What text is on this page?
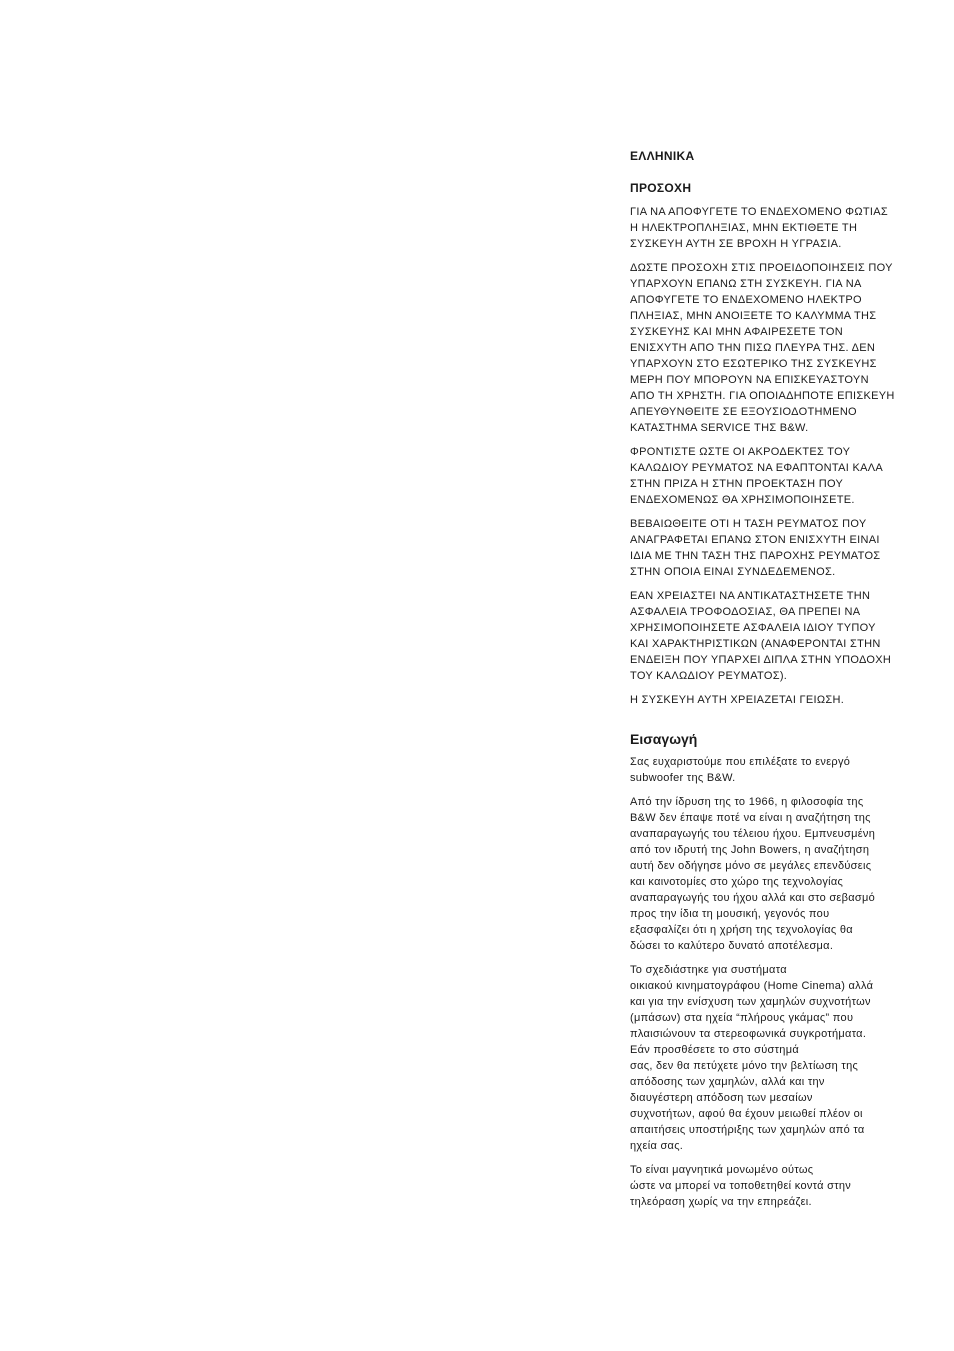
ΕΛΛΗΝΙΚΑ
ΠΡΟΣΟΧΗ

ΓΙΑ ΝΑ ΑΠΟΦΥΓΕΤΕ ΤΟ ΕΝΔΕΧΟΜΕΝΟ ΦΩΤΙΑΣ
Η ΗΛΕΚΤΡΟΠΛΗΞΙΑΣ, ΜΗΝ ΕΚΤΙΘΕΤΕ ΤΗ
ΣΥΣΚΕΥΗ ΑΥΤΗ ΣΕ ΒΡΟΧΗ Η ΥΓΡΑΣΙΑ.

ΔΩΣΤΕ ΠΡΟΣΟΧΗ ΣΤΙΣ ΠΡΟΕΙΔΟΠΟΙΗΣΕΙΣ ΠΟΥ
ΥΠΑΡΧΟΥΝ ΕΠΑΝΩ ΣΤΗ ΣΥΣΚΕΥΗ. ΓΙΑ ΝΑ
ΑΠΟΦΥΓΕΤΕ ΤΟ ΕΝΔΕΧΟΜΕΝΟ ΗΛΕΚΤΡΟ
ΠΛΗΞΙΑΣ, ΜΗΝ ΑΝΟΙΞΕΤΕ ΤΟ ΚΑΛΥΜΜΑ ΤΗΣ
ΣΥΣΚΕΥΗΣ ΚΑΙ ΜΗΝ ΑΦΑΙΡΕΣΕΤΕ ΤΟΝ
ΕΝΙΣΧΥΤΗ ΑΠΟ ΤΗΝ ΠΙΣΩ ΠΛΕΥΡΑ ΤΗΣ. ΔΕΝ
ΥΠΑΡΧΟΥΝ ΣΤΟ ΕΣΩΤΕΡΙΚΟ ΤΗΣ ΣΥΣΚΕΥΗΣ
ΜΕΡΗ ΠΟΥ ΜΠΟΡΟΥΝ ΝΑ ΕΠΙΣΚΕΥΑΣΤΟΥΝ
ΑΠΟ ΤΗ ΧΡΗΣΤΗ. ΓΙΑ ΟΠΟΙΑΔΗΠΟΤΕ ΕΠΙΣΚΕΥΗ
ΑΠΕΥΘΥΝΘΕΙΤΕ ΣΕ ΕΞΟΥΣΙΟΔΟΤΗΜΕΝΟ
ΚΑΤΑΣΤΗΜΑ SERVICE ΤΗΣ B&W.

ΦΡΟΝΤΙΣΤΕ ΩΣΤΕ ΟΙ ΑΚΡΟΔΕΚΤΕΣ ΤΟΥ
ΚΑΛΩΔΙΟΥ ΡΕΥΜΑΤΟΣ ΝΑ ΕΦΑΠΤΟΝΤΑΙ ΚΑΛΑ
ΣΤΗΝ ΠΡΙΖΑ Η ΣΤΗΝ ΠΡΟΕΚΤΑΣΗ ΠΟΥ
ΕΝΔΕΧΟΜΕΝΩΣ ΘΑ ΧΡΗΣΙΜΟΠΟΙΗΣΕΤΕ.

ΒΕΒΑΙΩΘΕΙΤΕ ΟΤΙ Η ΤΑΣΗ ΡΕΥΜΑΤΟΣ ΠΟΥ
ΑΝΑΓΡΑΦΕΤΑΙ ΕΠΑΝΩ ΣΤΟΝ ΕΝΙΣΧΥΤΗ ΕΙΝΑΙ
ΙΔΙΑ ΜΕ ΤΗΝ ΤΑΣΗ ΤΗΣ ΠΑΡΟΧΗΣ ΡΕΥΜΑΤΟΣ
ΣΤΗΝ ΟΠΟΙΑ ΕΙΝΑΙ ΣΥΝΔΕΔΕΜΕΝΟΣ.

ΕΑΝ ΧΡΕΙΑΣΤΕΙ ΝΑ ΑΝΤΙΚΑΤΑΣΤΗΣΕΤΕ ΤΗΝ
ΑΣΦΑΛΕΙΑ ΤΡΟΦΟΔΟΣΙΑΣ, ΘΑ ΠΡΕΠΕΙ ΝΑ
ΧΡΗΣΙΜΟΠΟΙΗΣΕΤΕ ΑΣΦΑΛΕΙΑ ΙΔΙΟΥ ΤΥΠΟΥ
ΚΑΙ ΧΑΡΑΚΤΗΡΙΣΤΙΚΩΝ (ΑΝΑΦΕΡΟΝΤΑΙ ΣΤΗΝ
ΕΝΔΕΙΞΗ ΠΟΥ ΥΠΑΡΧΕΙ ΔΙΠΛΑ ΣΤΗΝ ΥΠΟΔΟΧΗ
ΤΟΥ ΚΑΛΩΔΙΟΥ ΡΕΥΜΑΤΟΣ).

Η ΣΥΣΚΕΥΗ ΑΥΤΗ ΧΡΕΙΑΖΕΤΑΙ ΓΕΙΩΣΗ.

Εισαγωγή

Σας ευχαριστούμε που επιλέξατε το ενεργό
subwoofer της B&W.

Από την ίδρυση της το 1966, η φιλοσοφία της
B&W δεν έπαψε ποτέ να είναι η αναζήτηση της
αναπαραγωγής του τέλειου ήχου. Εμπνευσμένη
από τον ιδρυτή της John Bowers, η αναζήτηση
αυτή δεν οδήγησε μόνο σε μεγάλες επενδύσεις
και καινοτομίες στο χώρο της τεχνολογίας
αναπαραγωγής του ήχου αλλά και στο σεβασμό
προς την ίδια τη μουσική, γεγονός που
εξασφαλίζει ότι η χρήση της τεχνολογίας θα
δώσει το καλύτερο δυνατό αποτέλεσμα.

Το σχεδιάστηκε για συστήματα
οικιακού κινηματογράφου (Home Cinema) αλλά
και για την ενίσχυση των χαμηλών συχνοτήτων
(μπάσων) στα ηχεία “πλήρους γκάμας” που
πλαισιώνουν τα στερεοφωνικά συγκροτήματα.
Εάν προσθέσετε το στο σύστημά
σας, δεν θα πετύχετε μόνο την βελτίωση της
απόδοσης των χαμηλών, αλλά και την
διαυγέστερη απόδοση των μεσαίων
συχνοτήτων, αφού θα έχουν μειωθεί πλέον οι
απαιτήσεις υποστήριξης των χαμηλών από τα
ηχεία σας.

Το είναι μαγνητικά μονωμένο ούτως
ώστε να μπορεί να τοποθετηθεί κοντά στην
τηλεόραση χωρίς να την επηρεάζει.
